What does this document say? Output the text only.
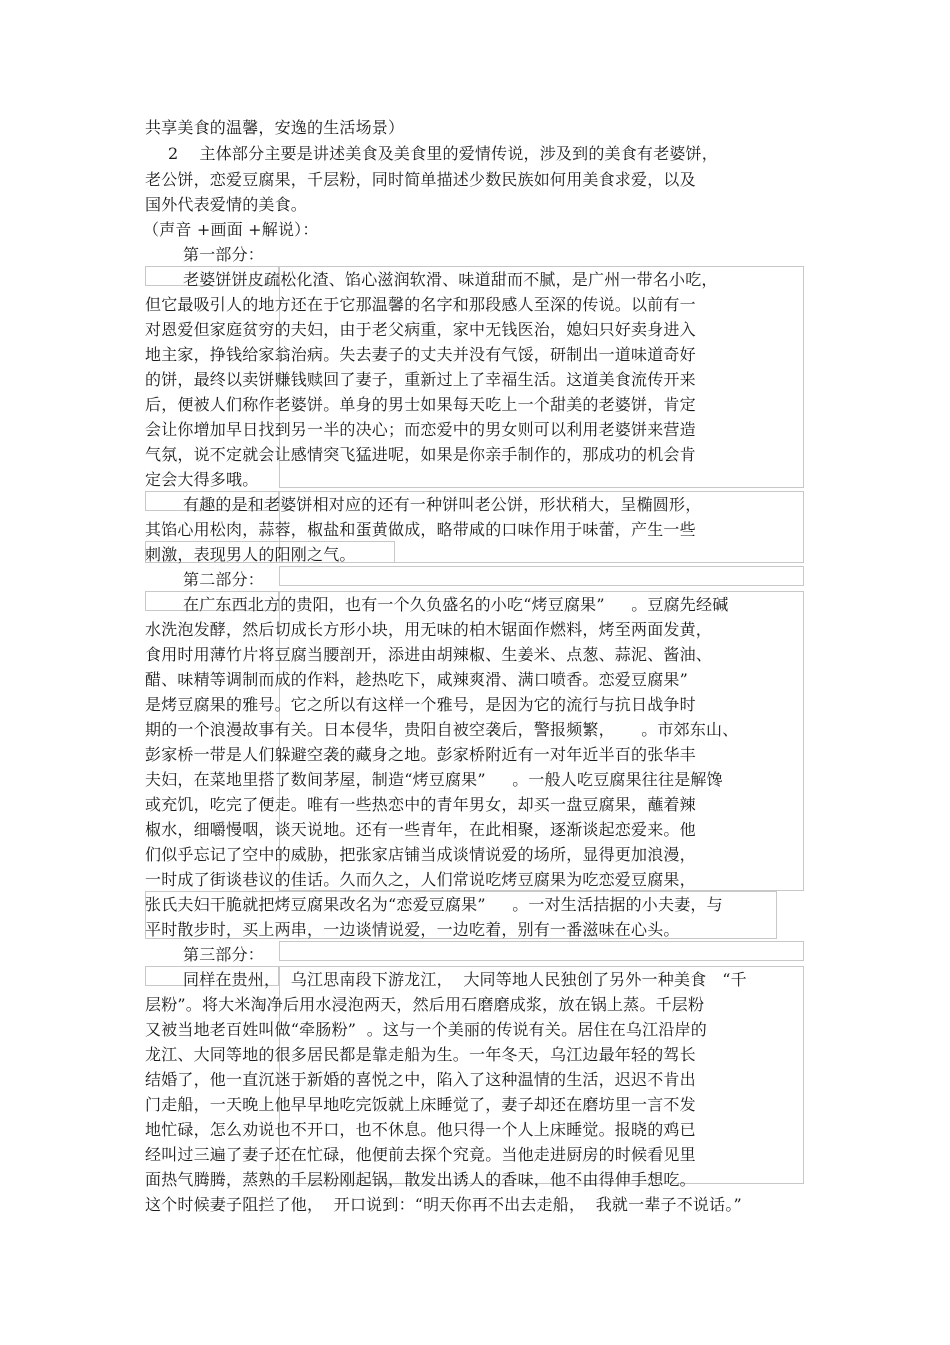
共享美食的温馨，安逸的生活场景）
2    主体部分主要是讲述美食及美食里的爱情传说，涉及到的美食有老婆饼，
老公饼，恋爱豆腐果，千层粉，同时简单描述少数民族如何用美食求爱，以及
国外代表爱情的美食。
（声音 +画面 +解说）：
第一部分：
老婆饼饼皮疏松化渣、馅心滋润软滑、味道甜而不腻，是广州一带名小吃，
但它最吸引人的地方还在于它那温馨的名字和那段感人至深的传说。以前有一
对恩爱但家庭贫穷的夫妇，由于老父病重，家中无钱医治，媳妇只好卖身进入
地主家，挣钱给家翁治病。失去妻子的丈夫并没有气馁，研制出一道味道奇好
的饼，最终以卖饼赚钱赎回了妻子，重新过上了幸福生活。这道美食流传开来
后，便被人们称作老婆饼。单身的男士如果每天吃上一个甜美的老婆饼，肯定
会让你增加早日找到另一半的决心；而恋爱中的男女则可以利用老婆饼来营造
气氛，说不定就会让感情突飞猛进呢，如果是你亲手制作的，那成功的机会肯
定会大得多哦。
有趣的是和老婆饼相对应的还有一种饼叫老公饼，形状稍大，呈椭圆形，
其馅心用松肉，蒜蓉，椒盐和蛋黄做成，略带咸的口味作用于味蕾，产生一些
刺激，表现男人的阳刚之气。
第二部分：
在广东西北方的贵阳，也有一个久负盛名的小吃“烤豆腐果”     。豆腐先经碱
水洗泡发酵，然后切成长方形小块，用无味的柏木锯面作燃料，烤至两面发黄，
食用时用薄竹片将豆腐当腰剖开，添进由胡辣椒、生姜米、点葱、蒜泥、酱油、
醋、味精等调制而成的作料，趁热吃下，咸辣爽滑、满口喷香。恋爱豆腐果”
是烤豆腐果的雅号。它之所以有这样一个雅号，是因为它的流行与抗日战争时
期的一个浪漫故事有关。日本侵华，贵阳自被空袭后，警报频繁，     。市郊东山、
彭家桥一带是人们躲避空袭的藏身之地。彭家桥附近有一对年近半百的张华丰
夫妇，在菜地里搭了数间茅屋，制造“烤豆腐果”     。一般人吃豆腐果往往是解馋
或充饥，吃完了便走。唯有一些热恋中的青年男女，却买一盘豆腐果，蘸着辣
椒水，细嚼慢咽，谈天说地。还有一些青年，在此相聚，逐渐谈起恋爱来。他
们似乎忘记了空中的威胁，把张家店铺当成谈情说爱的场所，显得更加浪漫，
一时成了街谈巷议的佳话。久而久之，人们常说吃烤豆腐果为吃恋爱豆腐果，
张氏夫妇干脆就把烤豆腐果改名为“恋爱豆腐果”     。一对生活拮据的小夫妻，与
平时散步时，买上两串，一边谈情说爱，一边吃着，别有一番滋味在心头。
第三部分：
同样在贵州，  乌江思南段下游龙江，  大同等地人民独创了另外一种美食   “千
层粉”。将大米淘净后用水浸泡两天，然后用石磨磨成浆，放在锅上蒸。千层粉
又被当地老百姓叫做“牵肠粉”  。这与一个美丽的传说有关。居住在乌江沿岸的
龙江、大同等地的很多居民都是靠走船为生。一年冬天，乌江边最年轻的驾长
结婚了，他一直沉迷于新婚的喜悦之中，陷入了这种温情的生活，迟迟不肯出
门走船，一天晚上他早早地吃完饭就上床睡觉了，妻子却还在磨坊里一言不发
地忙碌，怎么劝说也不开口，也不休息。他只得一个人上床睡觉。报晓的鸡已
经叫过三遍了妻子还在忙碌，他便前去探个究竟。当他走进厨房的时候看见里
面热气腾腾，蒸熟的千层粉刚起锅，散发出诱人的香味，他不由得伸手想吃。
这个时候妻子阻拦了他，  开口说到：“明天你再不出去走船，  我就一辈子不说话。”
